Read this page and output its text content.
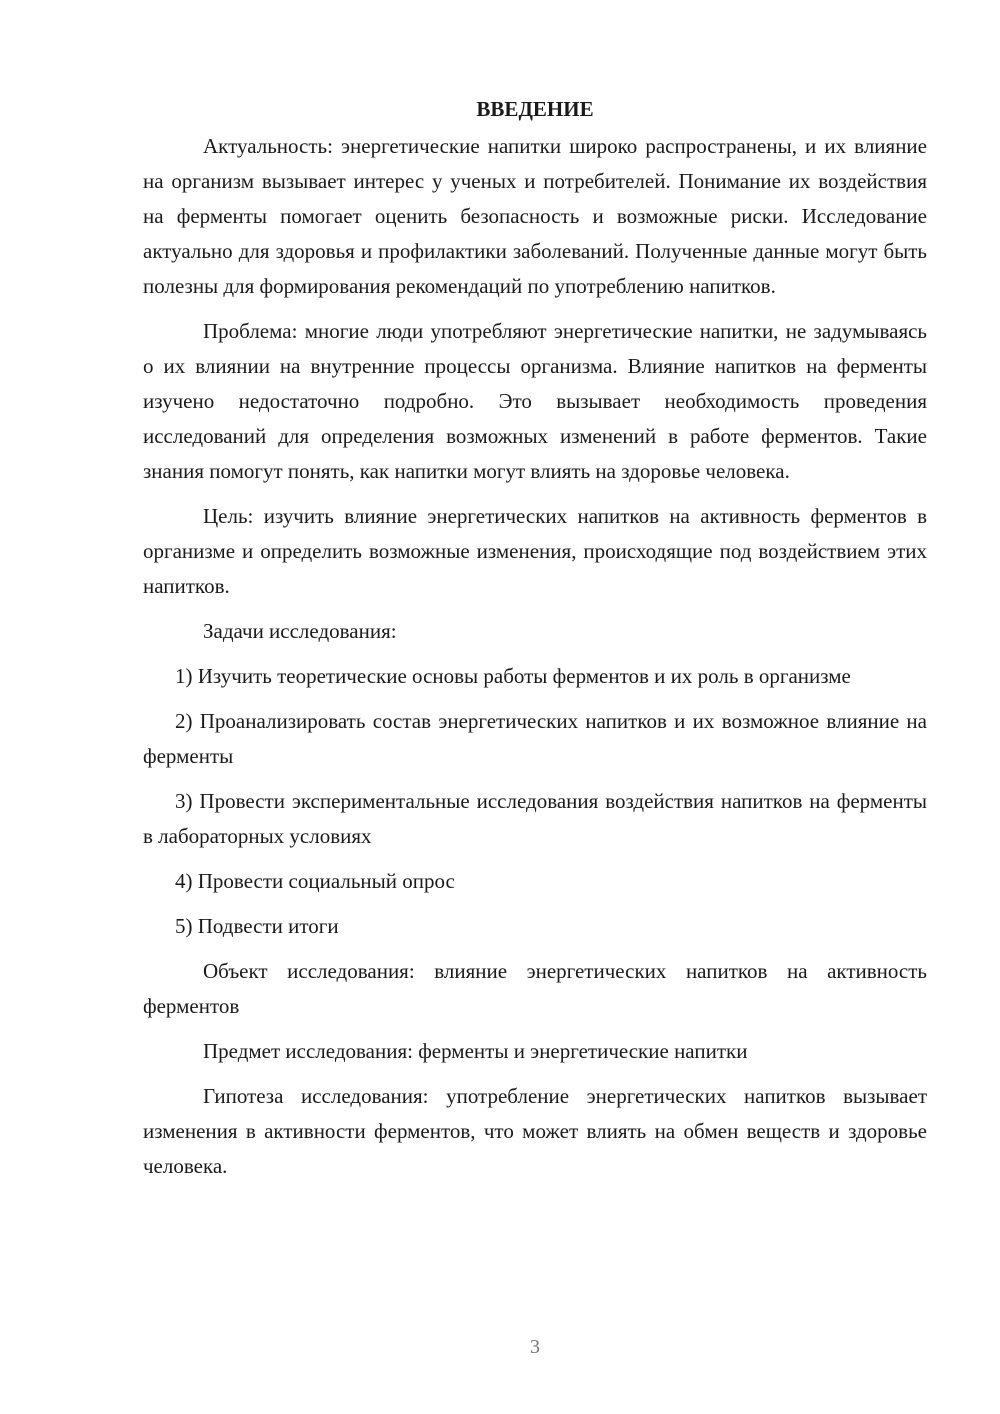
ВВЕДЕНИЕ

Актуальность: энергетические напитки широко распространены, и их влияние на организм вызывает интерес у ученых и потребителей. Понимание их воздействия на ферменты помогает оценить безопасность и возможные риски. Исследование актуально для здоровья и профилактики заболеваний. Полученные данные могут быть полезны для формирования рекомендаций по употреблению напитков.

Проблема: многие люди употребляют энергетические напитки, не задумываясь о их влиянии на внутренние процессы организма. Влияние напитков на ферменты изучено недостаточно подробно. Это вызывает необходимость проведения исследований для определения возможных изменений в работе ферментов. Такие знания помогут понять, как напитки могут влиять на здоровье человека.

Цель: изучить влияние энергетических напитков на активность ферментов в организме и определить возможные изменения, происходящие под воздействием этих напитков.

Задачи исследования:

1) Изучить теоретические основы работы ферментов и их роль в организме

2) Проанализировать состав энергетических напитков и их возможное влияние на ферменты

3) Провести экспериментальные исследования воздействия напитков на ферменты в лабораторных условиях

4) Провести социальный опрос

5) Подвести итоги

Объект исследования: влияние энергетических напитков на активность ферментов

Предмет исследования: ферменты и энергетические напитки

Гипотеза исследования: употребление энергетических напитков вызывает изменения в активности ферментов, что может влиять на обмен веществ и здоровье человека.

3
